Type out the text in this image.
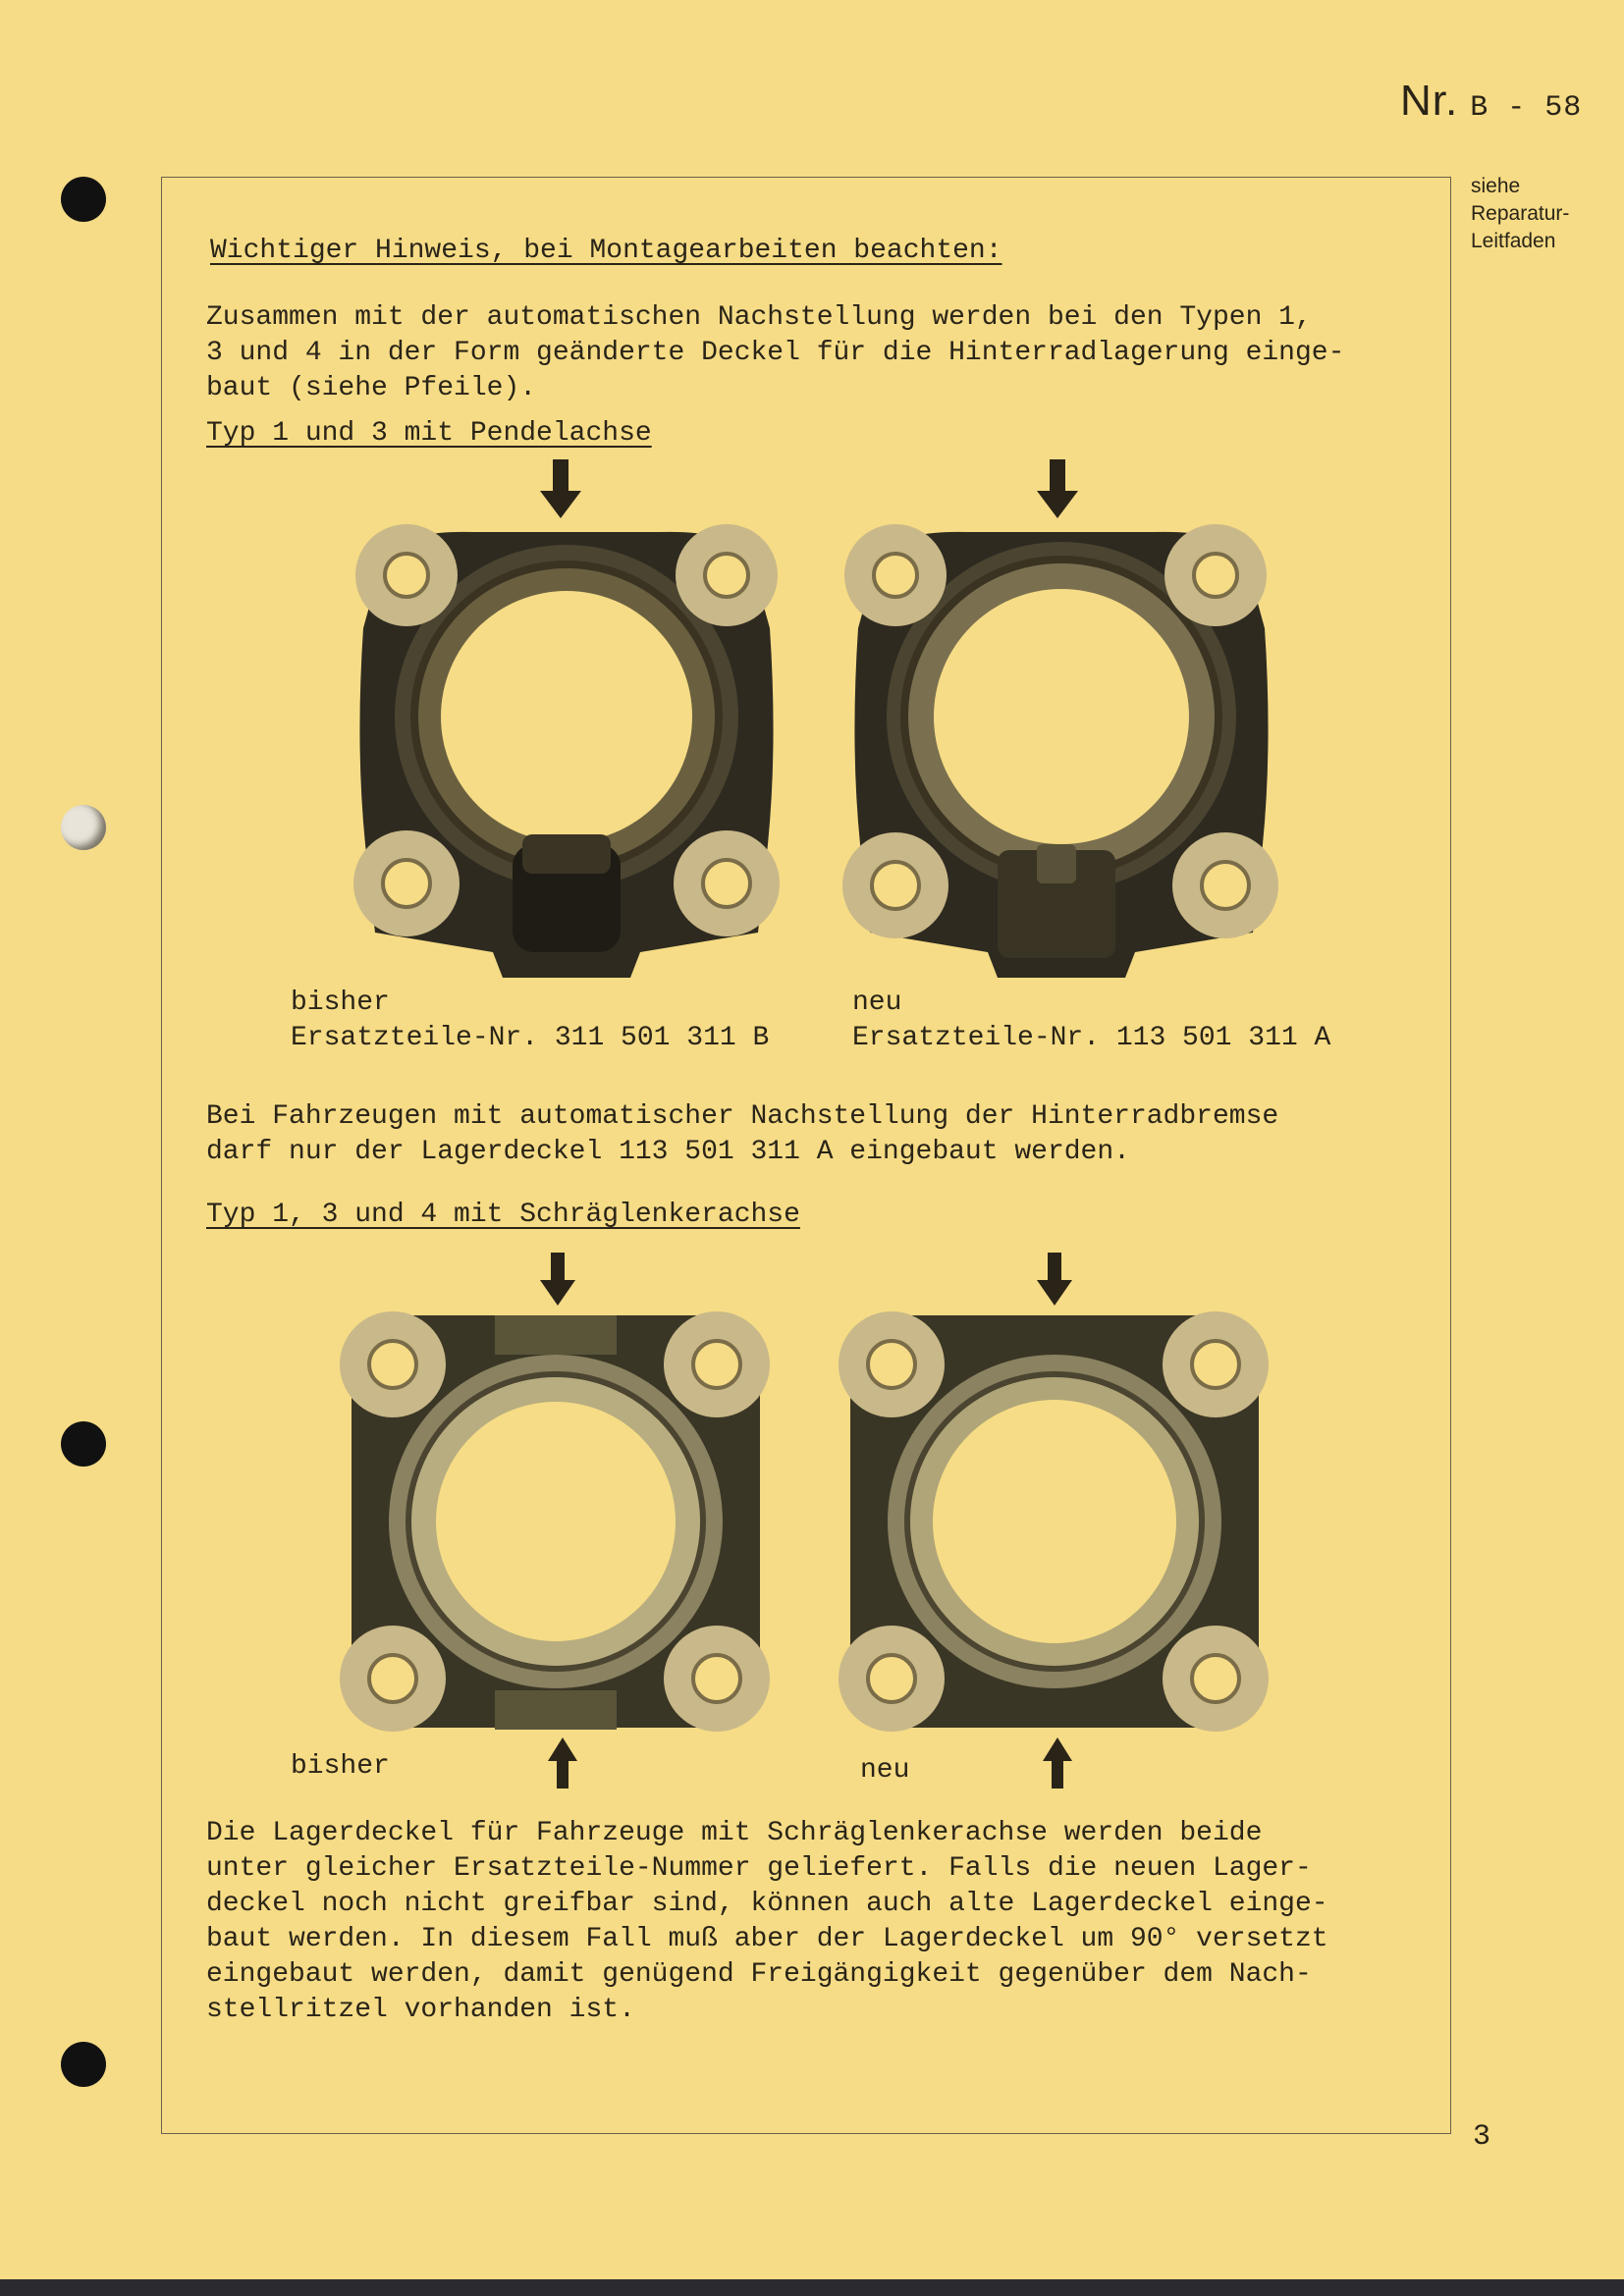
Nr. B - 58
siehe
Reparatur-
Leitfaden
Wichtiger Hinweis, bei Montagearbeiten beachten:
Zusammen mit der automatischen Nachstellung werden bei den Typen 1,
3 und 4 in der Form geänderte Deckel für die Hinterradlagerung einge-
baut (siehe Pfeile).
Typ 1 und 3 mit Pendelachse
bisher
Ersatzteile-Nr. 311 501 311 B
neu
Ersatzteile-Nr. 113 501 311 A
Bei Fahrzeugen mit automatischer Nachstellung der Hinterradbremse
darf nur der Lagerdeckel 113 501 311 A eingebaut werden.
Typ 1, 3 und 4 mit Schräglenkerachse
bisher	neu
Die Lagerdeckel für Fahrzeuge mit Schräglenkerachse werden beide
unter gleicher Ersatzteile-Nummer geliefert. Falls die neuen Lager-
deckel noch nicht greifbar sind, können auch alte Lagerdeckel einge-
baut werden. In diesem Fall muß aber der Lagerdeckel um 90° versetzt
eingebaut werden, damit genügend Freigängigkeit gegenüber dem Nach-
stellritzel vorhanden ist.
3
